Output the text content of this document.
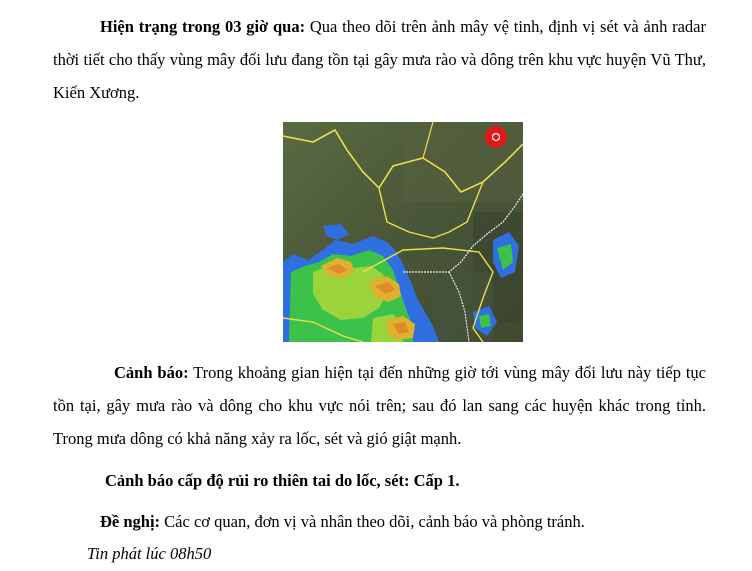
Hiện trạng trong 03 giờ qua: Qua theo dõi trên ảnh mây vệ tinh, định vị sét và ảnh radar thời tiết cho thấy vùng mây đối lưu đang tồn tại gây mưa rào và dông trên khu vực huyện Vũ Thư, Kiến Xương.

Cảnh báo: Trong khoảng gian hiện tại đến những giờ tới vùng mây đối lưu này tiếp tục tồn tại, gây mưa rào và dông cho khu vực nói trên; sau đó lan sang các huyện khác trong tỉnh. Trong mưa dông có khả năng xảy ra lốc, sét và gió giật mạnh.

Cảnh báo cấp độ rủi ro thiên tai do lốc, sét: Cấp 1.

Đề nghị: Các cơ quan, đơn vị và nhân theo dõi, cảnh báo và phòng tránh.

Tin phát lúc 08h50
